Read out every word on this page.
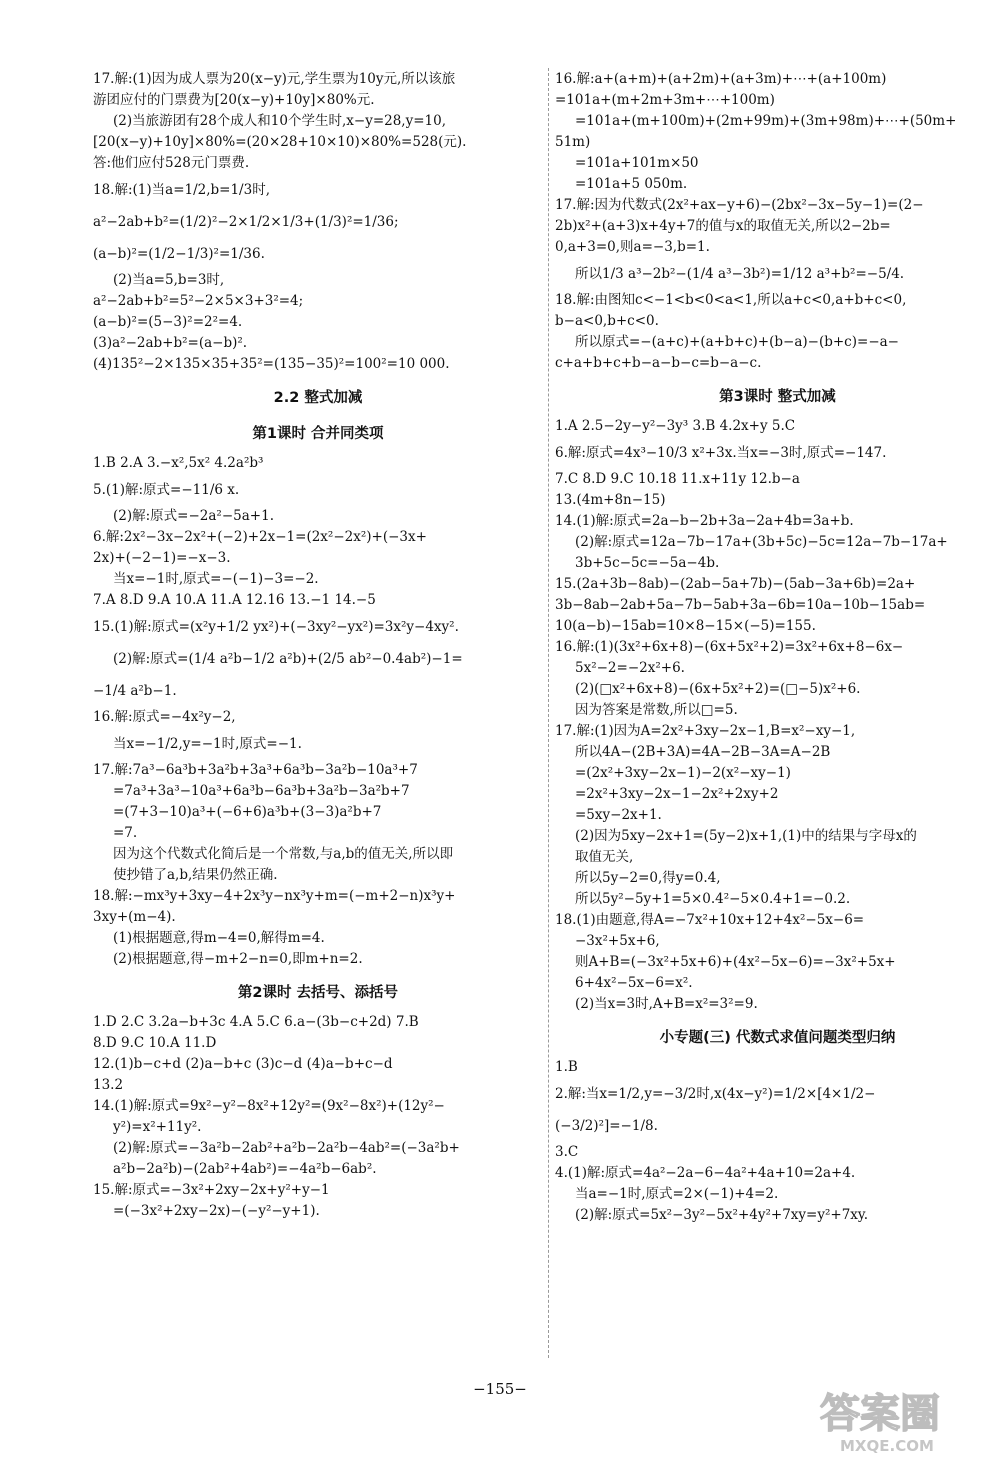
17.解:(1)因为成人票为20(x−y)元,学生票为10y元,所以该旅
游团应付的门票费为[20(x−y)+10y]×80%元.
(2)当旅游团有28个成人和10个学生时,x−y=28,y=10,
[20(x−y)+10y]×80%=(20×28+10×10)×80%=528(元).
答:他们应付528元门票费.
18.解:(1)当a=1/2,b=1/3时,
a²−2ab+b²=(1/2)²−2×1/2×1/3+(1/3)²=1/36;
(a−b)²=(1/2−1/3)²=1/36.
(2)当a=5,b=3时,
a²−2ab+b²=5²−2×5×3+3²=4;
(a−b)²=(5−3)²=2²=4.
(3)a²−2ab+b²=(a−b)².
(4)135²−2×135×35+35²=(135−35)²=100²=10 000.
2.2 整式加减
第1课时 合并同类项
1.B 2.A 3.−x²,5x² 4.2a²b³
5.(1)解:原式=−11/6 x.
(2)解:原式=−2a²−5a+1.
6.解:2x²−3x−2x²+(−2)+2x−1=(2x²−2x²)+(−3x+
2x)+(−2−1)=−x−3.
当x=−1时,原式=−(−1)−3=−2.
7.A 8.D 9.A 10.A 11.A 12.16 13.−1 14.−5
15.(1)解:原式=(x²y+1/2 yx²)+(−3xy²−yx²)=3x²y−4xy².
(2)解:原式=(1/4 a²b−1/2 a²b)+(2/5 ab²−0.4ab²)−1=
−1/4 a²b−1.
16.解:原式=−4x²y−2,
当x=−1/2,y=−1时,原式=−1.
17.解:7a³−6a³b+3a²b+3a³+6a³b−3a²b−10a³+7
=7a³+3a³−10a³+6a³b−6a³b+3a²b−3a²b+7
=(7+3−10)a³+(−6+6)a³b+(3−3)a²b+7
=7.
因为这个代数式化简后是一个常数,与a,b的值无关,所以即
使抄错了a,b,结果仍然正确.
18.解:−mx³y+3xy−4+2x³y−nx³y+m=(−m+2−n)x³y+
3xy+(m−4).
(1)根据题意,得m−4=0,解得m=4.
(2)根据题意,得−m+2−n=0,即m+n=2.
第2课时 去括号、添括号
1.D 2.C 3.2a−b+3c 4.A 5.C 6.a−(3b−c+2d) 7.B
8.D 9.C 10.A 11.D
12.(1)b−c+d (2)a−b+c (3)c−d (4)a−b+c−d
13.2
14.(1)解:原式=9x²−y²−8x²+12y²=(9x²−8x²)+(12y²−
y²)=x²+11y².
(2)解:原式=−3a²b−2ab²+a²b−2a²b−4ab²=(−3a²b+
a²b−2a²b)−(2ab²+4ab²)=−4a²b−6ab².
15.解:原式=−3x²+2xy−2x+y²+y−1
=(−3x²+2xy−2x)−(−y²−y+1).
16.解:a+(a+m)+(a+2m)+(a+3m)+⋯+(a+100m)
=101a+(m+2m+3m+⋯+100m)
=101a+(m+100m)+(2m+99m)+(3m+98m)+⋯+(50m+
51m)
=101a+101m×50
=101a+5 050m.
17.解:因为代数式(2x²+ax−y+6)−(2bx²−3x−5y−1)=(2−
2b)x²+(a+3)x+4y+7的值与x的取值无关,所以2−2b=
0,a+3=0,则a=−3,b=1.
所以1/3 a³−2b²−(1/4 a³−3b²)=1/12 a³+b²=−5/4.
18.解:由图知c<−1<b<0<a<1,所以a+c<0,a+b+c<0,
b−a<0,b+c<0.
所以原式=−(a+c)+(a+b+c)+(b−a)−(b+c)=−a−
c+a+b+c+b−a−b−c=b−a−c.
第3课时 整式加减
1.A 2.5−2y−y²−3y³ 3.B 4.2x+y 5.C
6.解:原式=4x³−10/3 x²+3x.当x=−3时,原式=−147.
7.C 8.D 9.C 10.18 11.x+11y 12.b−a
13.(4m+8n−15)
14.(1)解:原式=2a−b−2b+3a−2a+4b=3a+b.
(2)解:原式=12a−7b−17a+(3b+5c)−5c=12a−7b−17a+
3b+5c−5c=−5a−4b.
15.(2a+3b−8ab)−(2ab−5a+7b)−(5ab−3a+6b)=2a+
3b−8ab−2ab+5a−7b−5ab+3a−6b=10a−10b−15ab=
10(a−b)−15ab=10×8−15×(−5)=155.
16.解:(1)(3x²+6x+8)−(6x+5x²+2)=3x²+6x+8−6x−
5x²−2=−2x²+6.
(2)(□x²+6x+8)−(6x+5x²+2)=(□−5)x²+6.
因为答案是常数,所以□=5.
17.解:(1)因为A=2x²+3xy−2x−1,B=x²−xy−1,
所以4A−(2B+3A)=4A−2B−3A=A−2B
=(2x²+3xy−2x−1)−2(x²−xy−1)
=2x²+3xy−2x−1−2x²+2xy+2
=5xy−2x+1.
(2)因为5xy−2x+1=(5y−2)x+1,(1)中的结果与字母x的
取值无关,
所以5y−2=0,得y=0.4,
所以5y²−5y+1=5×0.4²−5×0.4+1=−0.2.
18.(1)由题意,得A=−7x²+10x+12+4x²−5x−6=
−3x²+5x+6,
则A+B=(−3x²+5x+6)+(4x²−5x−6)=−3x²+5x+
6+4x²−5x−6=x².
(2)当x=3时,A+B=x²=3²=9.
小专题(三) 代数式求值问题类型归纳
1.B
2.解:当x=1/2,y=−3/2时,x(4x−y²)=1/2×[4×1/2−
(−3/2)²]=−1/8.
3.C
4.(1)解:原式=4a²−2a−6−4a²+4a+10=2a+4.
当a=−1时,原式=2×(−1)+4=2.
(2)解:原式=5x²−3y²−5x²+4y²+7xy=y²+7xy.
−155−
答案圈
MXQE.COM
